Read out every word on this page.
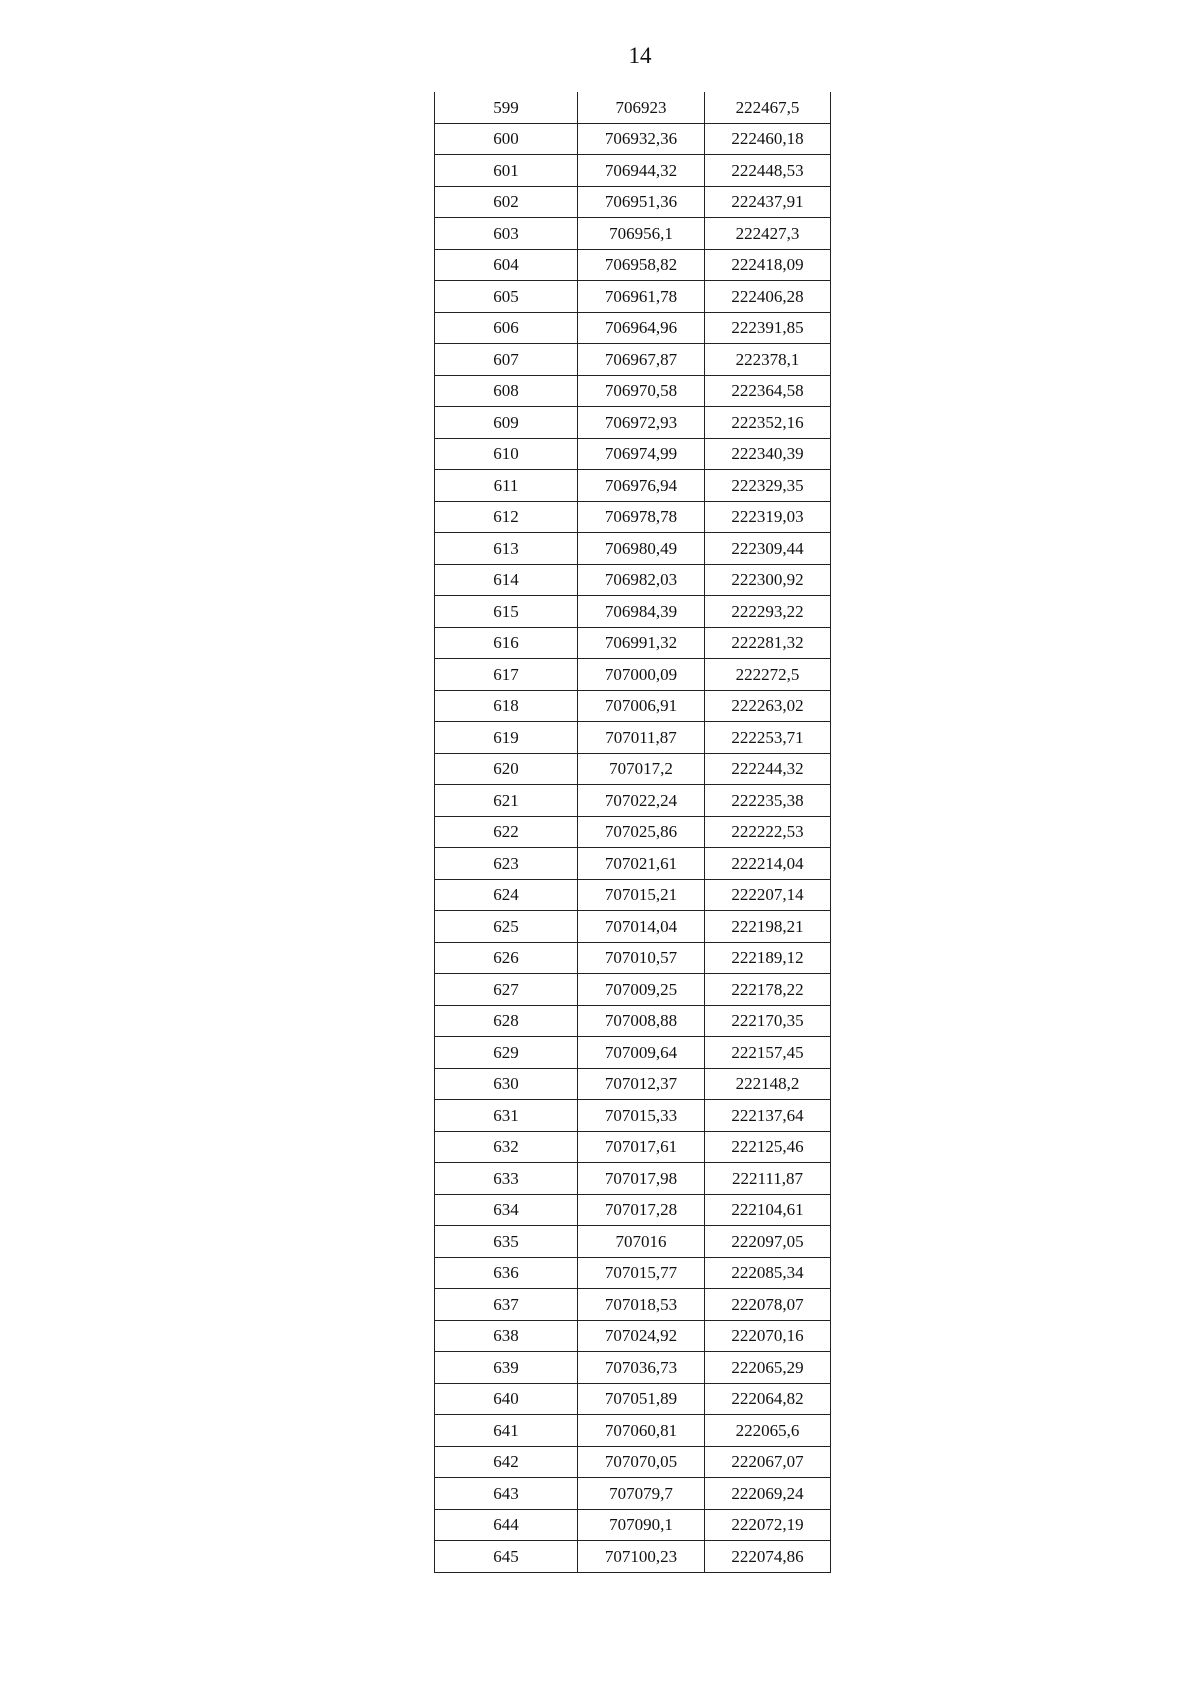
14
599	706923	222467,5
600	706932,36	222460,18
601	706944,32	222448,53
602	706951,36	222437,91
603	706956,1	222427,3
604	706958,82	222418,09
605	706961,78	222406,28
606	706964,96	222391,85
607	706967,87	222378,1
608	706970,58	222364,58
609	706972,93	222352,16
610	706974,99	222340,39
611	706976,94	222329,35
612	706978,78	222319,03
613	706980,49	222309,44
614	706982,03	222300,92
615	706984,39	222293,22
616	706991,32	222281,32
617	707000,09	222272,5
618	707006,91	222263,02
619	707011,87	222253,71
620	707017,2	222244,32
621	707022,24	222235,38
622	707025,86	222222,53
623	707021,61	222214,04
624	707015,21	222207,14
625	707014,04	222198,21
626	707010,57	222189,12
627	707009,25	222178,22
628	707008,88	222170,35
629	707009,64	222157,45
630	707012,37	222148,2
631	707015,33	222137,64
632	707017,61	222125,46
633	707017,98	222111,87
634	707017,28	222104,61
635	707016	222097,05
636	707015,77	222085,34
637	707018,53	222078,07
638	707024,92	222070,16
639	707036,73	222065,29
640	707051,89	222064,82
641	707060,81	222065,6
642	707070,05	222067,07
643	707079,7	222069,24
644	707090,1	222072,19
645	707100,23	222074,86
